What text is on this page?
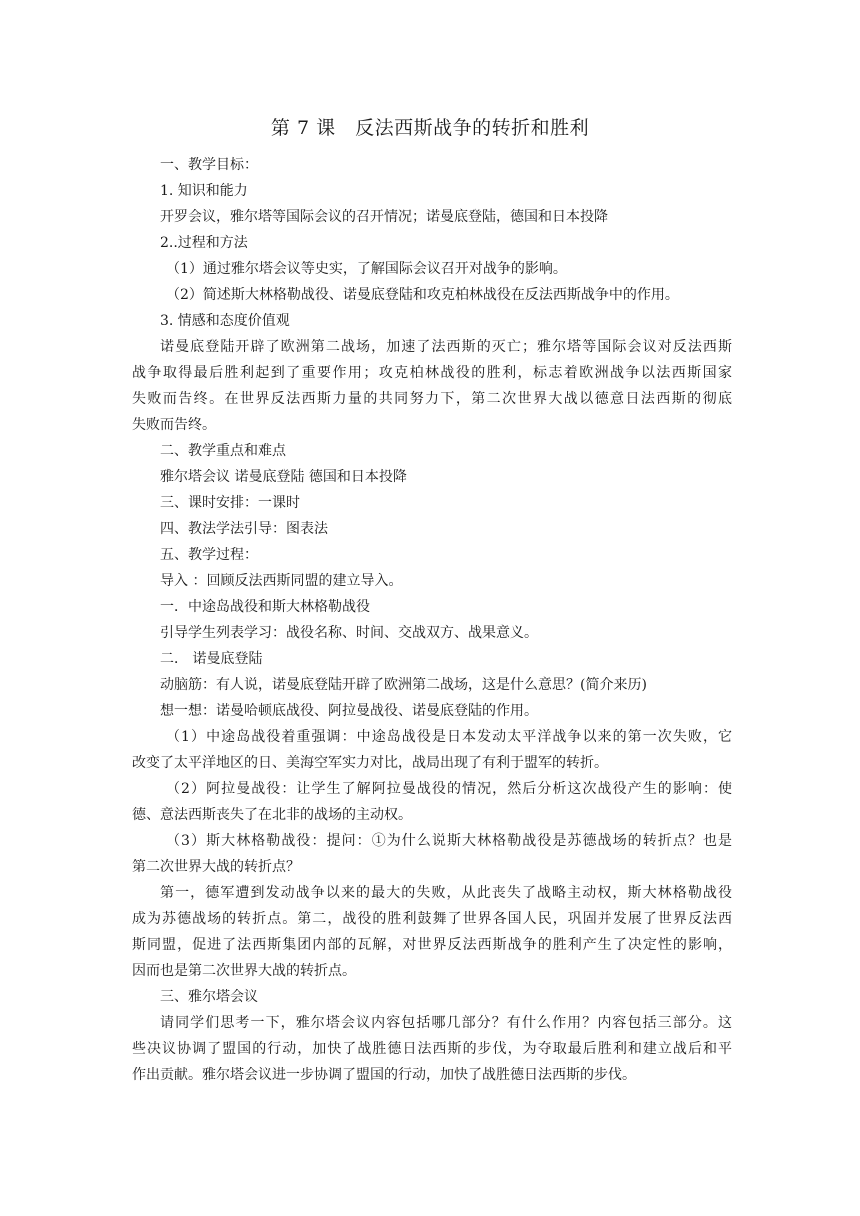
第 7 课　反法西斯战争的转折和胜利
一、教学目标：
1. 知识和能力
开罗会议，雅尔塔等国际会议的召开情况；诺曼底登陆，德国和日本投降
2..过程和方法
（1）通过雅尔塔会议等史实，了解国际会议召开对战争的影响。
（2）简述斯大林格勒战役、诺曼底登陆和攻克柏林战役在反法西斯战争中的作用。
3. 情感和态度价值观
诺曼底登陆开辟了欧洲第二战场，加速了法西斯的灭亡；雅尔塔等国际会议对反法西斯
战争取得最后胜利起到了重要作用；攻克柏林战役的胜利，标志着欧洲战争以法西斯国家
失败而告终。在世界反法西斯力量的共同努力下，第二次世界大战以德意日法西斯的彻底
失败而告终。
二、教学重点和难点
雅尔塔会议 诺曼底登陆 德国和日本投降
三、课时安排：一课时
四、教法学法引导：图表法
五、教学过程：
导入 ：回顾反法西斯同盟的建立导入。
一．中途岛战役和斯大林格勒战役
引导学生列表学习：战役名称、时间、交战双方、战果意义。
二． 诺曼底登陆
动脑筋：有人说，诺曼底登陆开辟了欧洲第二战场，这是什么意思？(简介来历)
想一想：诺曼哈顿底战役、阿拉曼战役、诺曼底登陆的作用。
（1）中途岛战役着重强调：中途岛战役是日本发动太平洋战争以来的第一次失败，它
改变了太平洋地区的日、美海空军实力对比，战局出现了有利于盟军的转折。
（2）阿拉曼战役：让学生了解阿拉曼战役的情况，然后分析这次战役产生的影响：使
德、意法西斯丧失了在北非的战场的主动权。
（3）斯大林格勒战役：提问：①为什么说斯大林格勒战役是苏德战场的转折点？也是
第二次世界大战的转折点？
第一，德军遭到发动战争以来的最大的失败，从此丧失了战略主动权，斯大林格勒战役
成为苏德战场的转折点。第二，战役的胜利鼓舞了世界各国人民，巩固并发展了世界反法西
斯同盟，促进了法西斯集团内部的瓦解，对世界反法西斯战争的胜利产生了决定性的影响，
因而也是第二次世界大战的转折点。
三、雅尔塔会议
请同学们思考一下，雅尔塔会议内容包括哪几部分？有什么作用？内容包括三部分。这
些决议协调了盟国的行动，加快了战胜德日法西斯的步伐，为夺取最后胜利和建立战后和平
作出贡献。雅尔塔会议进一步协调了盟国的行动，加快了战胜德日法西斯的步伐。
